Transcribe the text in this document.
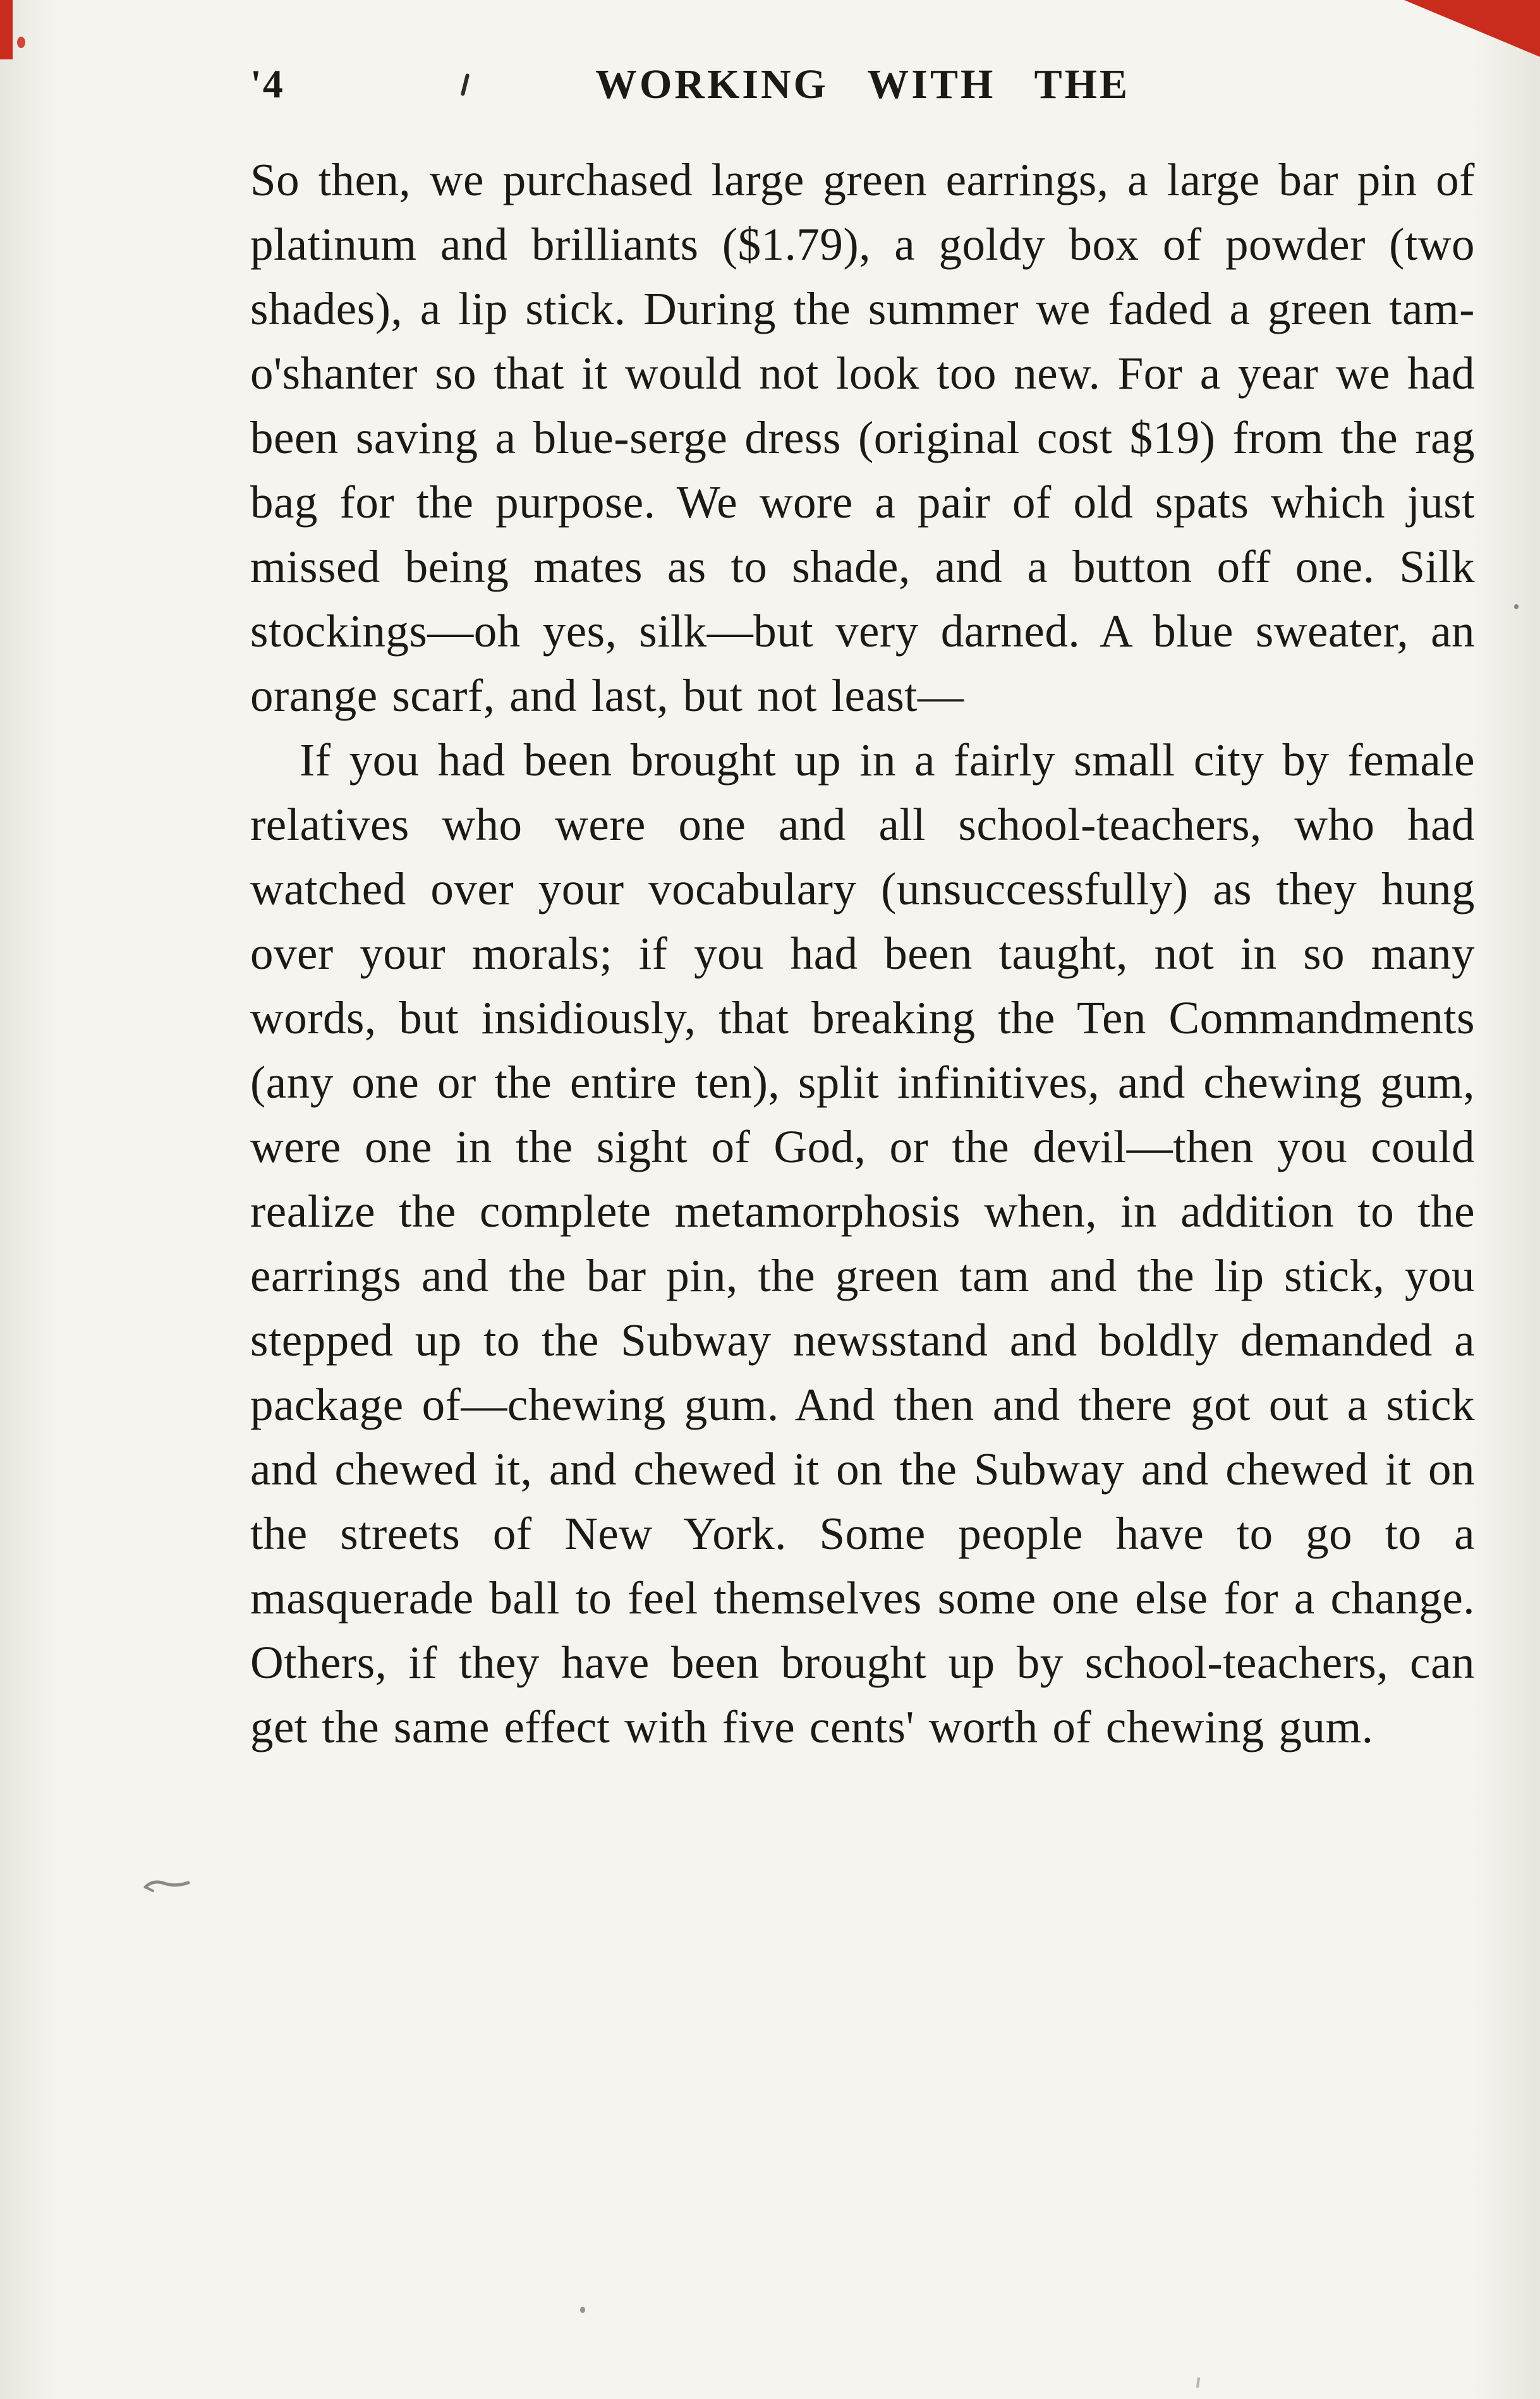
'4	WORKING WITH THE

So then, we purchased large green earrings, a large bar pin of platinum and brilliants ($1.79), a goldy box of powder (two shades), a lip stick. During the summer we faded a green tam-o'shanter so that it would not look too new. For a year we had been saving a blue-serge dress (original cost $19) from the rag bag for the purpose. We wore a pair of old spats which just missed being mates as to shade, and a button off one. Silk stockings—oh yes, silk—but very darned. A blue sweater, an orange scarf, and last, but not least—

If you had been brought up in a fairly small city by female relatives who were one and all school-teachers, who had watched over your vocabulary (unsuccessfully) as they hung over your morals; if you had been taught, not in so many words, but insidiously, that breaking the Ten Commandments (any one or the entire ten), split infinitives, and chewing gum, were one in the sight of God, or the devil—then you could realize the complete metamorphosis when, in addition to the earrings and the bar pin, the green tam and the lip stick, you stepped up to the Subway newsstand and boldly demanded a package of—chewing gum. And then and there got out a stick and chewed it, and chewed it on the Subway and chewed it on the streets of New York. Some people have to go to a masquerade ball to feel themselves some one else for a change. Others, if they have been brought up by school-teachers, can get the same effect with five cents' worth of chewing gum.
